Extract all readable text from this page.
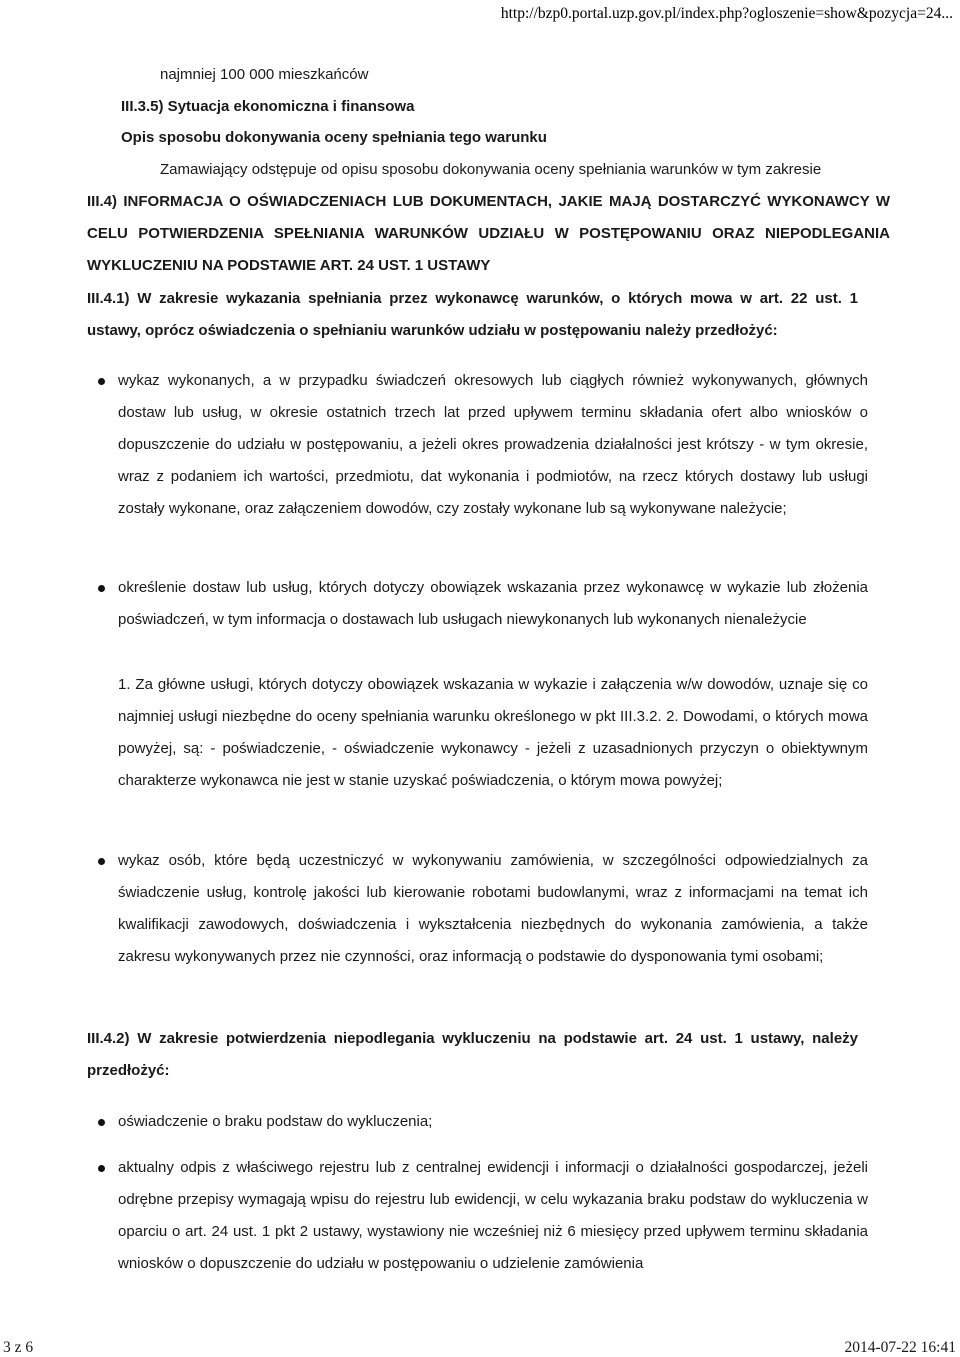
http://bzp0.portal.uzp.gov.pl/index.php?ogloszenie=show&pozycja=24...
najmniej 100 000 mieszkańców
III.3.5) Sytuacja ekonomiczna i finansowa
Opis sposobu dokonywania oceny spełniania tego warunku
Zamawiający odstępuje od opisu sposobu dokonywania oceny spełniania warunków w tym zakresie
III.4) INFORMACJA O OŚWIADCZENIACH LUB DOKUMENTACH, JAKIE MAJĄ DOSTARCZYĆ WYKONAWCY W CELU POTWIERDZENIA SPEŁNIANIA WARUNKÓW UDZIAŁU W POSTĘPOWANIU ORAZ NIEPODLEGANIA WYKLUCZENIU NA PODSTAWIE ART. 24 UST. 1 USTAWY
III.4.1) W zakresie wykazania spełniania przez wykonawcę warunków, o których mowa w art. 22 ust. 1 ustawy, oprócz oświadczenia o spełnianiu warunków udziału w postępowaniu należy przedłożyć:
wykaz wykonanych, a w przypadku świadczeń okresowych lub ciągłych również wykonywanych, głównych dostaw lub usług, w okresie ostatnich trzech lat przed upływem terminu składania ofert albo wniosków o dopuszczenie do udziału w postępowaniu, a jeżeli okres prowadzenia działalności jest krótszy - w tym okresie, wraz z podaniem ich wartości, przedmiotu, dat wykonania i podmiotów, na rzecz których dostawy lub usługi zostały wykonane, oraz załączeniem dowodów, czy zostały wykonane lub są wykonywane należycie;
określenie dostaw lub usług, których dotyczy obowiązek wskazania przez wykonawcę w wykazie lub złożenia poświadczeń, w tym informacja o dostawach lub usługach niewykonanych lub wykonanych nienależycie
1. Za główne usługi, których dotyczy obowiązek wskazania w wykazie i załączenia w/w dowodów, uznaje się co najmniej usługi niezbędne do oceny spełniania warunku określonego w pkt III.3.2. 2. Dowodami, o których mowa powyżej, są: - poświadczenie, - oświadczenie wykonawcy - jeżeli z uzasadnionych przyczyn o obiektywnym charakterze wykonawca nie jest w stanie uzyskać poświadczenia, o którym mowa powyżej;
wykaz osób, które będą uczestniczyć w wykonywaniu zamówienia, w szczególności odpowiedzialnych za świadczenie usług, kontrolę jakości lub kierowanie robotami budowlanymi, wraz z informacjami na temat ich kwalifikacji zawodowych, doświadczenia i wykształcenia niezbędnych do wykonania zamówienia, a także zakresu wykonywanych przez nie czynności, oraz informacją o podstawie do dysponowania tymi osobami;
III.4.2) W zakresie potwierdzenia niepodlegania wykluczeniu na podstawie art. 24 ust. 1 ustawy, należy przedłożyć:
oświadczenie o braku podstaw do wykluczenia;
aktualny odpis z właściwego rejestru lub z centralnej ewidencji i informacji o działalności gospodarczej, jeżeli odrębne przepisy wymagają wpisu do rejestru lub ewidencji, w celu wykazania braku podstaw do wykluczenia w oparciu o art. 24 ust. 1 pkt 2 ustawy, wystawiony nie wcześniej niż 6 miesięcy przed upływem terminu składania wniosków o dopuszczenie do udziału w postępowaniu o udzielenie zamówienia
3 z 6	2014-07-22 16:41
